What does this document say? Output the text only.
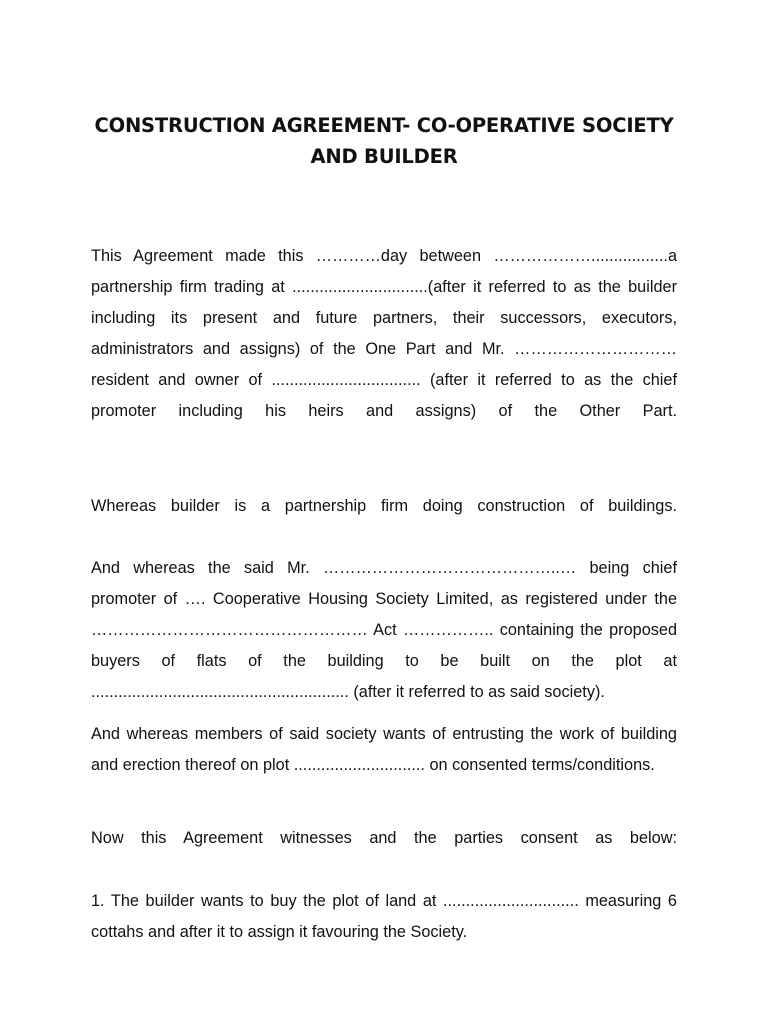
CONSTRUCTION AGREEMENT- CO-OPERATIVE SOCIETY AND BUILDER

This Agreement made this …………day between ……………….................a partnership firm trading at ..............................(after it referred to as the builder including its present and future partners, their successors, executors, administrators and assigns) of the One Part and Mr. ………………………… resident and owner of ................................. (after it referred to as the chief promoter including his heirs and assigns) of the Other Part.

Whereas builder is a partnership firm doing construction of buildings.

And whereas the said Mr. ……………………………………..… being chief promoter of …. Cooperative Housing Society Limited, as registered under the …………………………………………… Act …………….. containing the proposed buyers of flats of the building to be built on the plot at ......................................................... (after it referred to as said society).

And whereas members of said society wants of entrusting the work of building and erection thereof on plot ............................. on consented terms/conditions.

Now this Agreement witnesses and the parties consent as below:

1. The builder wants to buy the plot of land at .............................. measuring 6 cottahs and after it to assign it favouring the Society.
